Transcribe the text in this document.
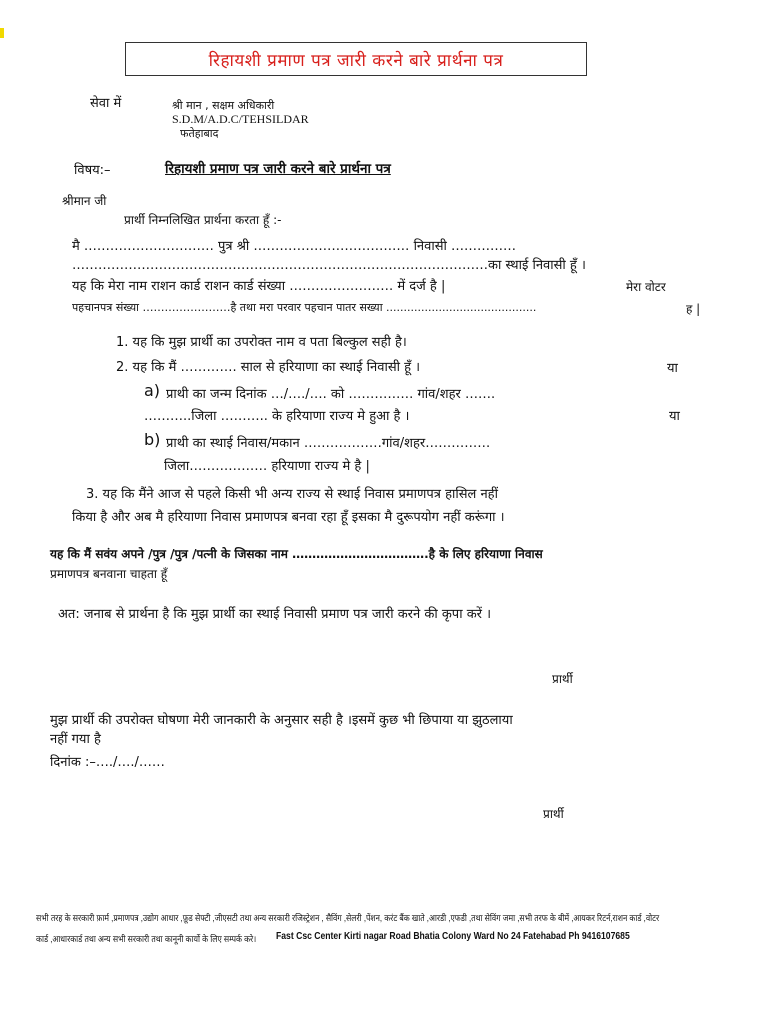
रिहायशी प्रमाण पत्र जारी करने बारे प्रार्थना पत्र
सेवा में	श्री मान , सक्षम अधिकारी
S.D.M/A.D.C/TEHSILDAR
फतेहाबाद
विषय:–	रिहायशी प्रमाण पत्र जारी करने बारे प्रार्थना पत्र
श्रीमान जी
प्रार्थी निम्नलिखित प्रार्थना करता हूँ :-
मै ………………………… पुत्र श्री ……………………………… निवासी ……………
……………………………………………………………………………………का स्थाई निवासी हूँ ।
यह कि मेरा नाम राशन कार्ड राशन कार्ड संख्या …………………… में दर्ज है |	मेरा वोटर
पहचानपत्र संख्या ……………………है तथा मरा परवार पहचान पातर सख्या ...........................................	ह |
1. यह कि मुझ प्रार्थी का उपरोक्त नाम व पता बिल्कुल सही है।
2. यह कि मैं …………. साल से हरियाणा का स्थाई निवासी हूँ ।	या
a) प्राथी का जन्म दिनांक …/…./…. को …………… गांव/शहर …….
………..जिला ……….. के हरियाणा राज्य मे हुआ है ।	या
b) प्राथी का स्थाई निवास/मकान ………………गांव/शहर……………
जिला……………… हरियाणा राज्य मे है |
3. यह कि मैंने आज से पहले किसी भी अन्य राज्य से स्थाई निवास प्रमाणपत्र हासिल नहीं
किया है और अब मै हरियाणा निवास प्रमाणपत्र बनवा रहा हूँ इसका मै दुरूपयोग नहीं करूंगा ।
यह कि मैं सवंय अपने /पुत्र /पुत्र /पत्नी के जिसका नाम …………………………….है के लिए हरियाणा निवास
प्रमाणपत्र बनवाना चाहता हूँ
अत: जनाब से प्रार्थना है कि मुझ प्रार्थी का स्थाई निवासी प्रमाण पत्र जारी करने की कृपा करें ।
प्रार्थी
मुझ प्रार्थी की उपरोक्त घोषणा मेरी जानकारी के अनुसार सही है ।इसमें कुछ भी छिपाया या झुठलाया
नहीं गया है
दिनांक :–…./…./……
प्रार्थी
सभी तरह के सरकारी फ़ार्म ,प्रमाणपत्र ,उद्योग आधार ,फ़ूड सेफ्टी ,जीएसटी तथा अन्य सरकारी रजिस्ट्रेशन , सैविंग ,सेलरी ,पेंशन, करंट बैंक खाते ,आरडी ,एफडी ,तथा सेविंग जमा ,सभी तरफ के बीमें ,आयकर रिटर्न,राशन कार्ड ,वोटर
कार्ड ,आधारकार्ड तथा अन्य सभी सरकारी तथा कानूनी कार्यो के लिए सम्पर्क करे। Fast Csc Center Kirti nagar Road Bhatia Colony Ward No 24 Fatehabad Ph 9416107685
